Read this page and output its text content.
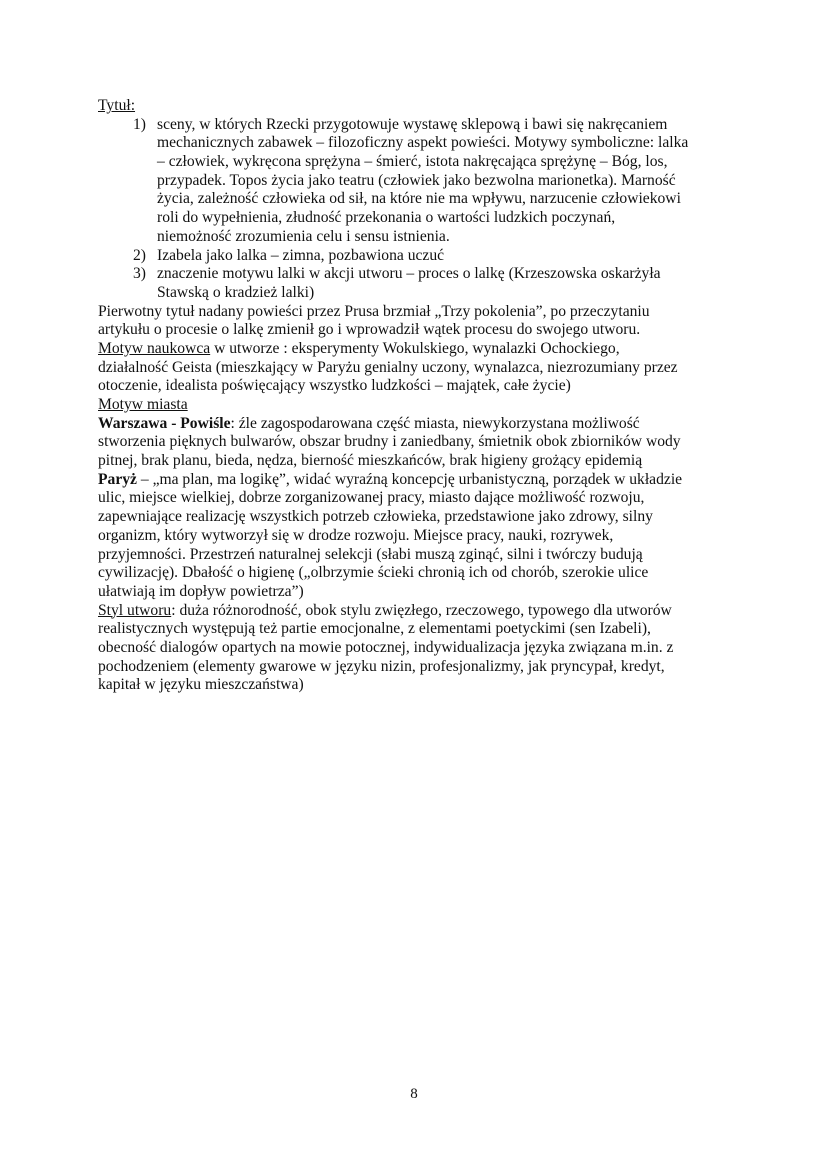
Tytuł:
1) sceny, w których Rzecki przygotowuje wystawę sklepową i bawi się nakręcaniem
mechanicznych zabawek – filozoficzny aspekt powieści. Motywy symboliczne: lalka
– człowiek, wykręcona sprężyna – śmierć, istota nakręcająca sprężynę – Bóg, los,
przypadek. Topos życia jako teatru (człowiek jako bezwolna marionetka). Marność
życia, zależność człowieka od sił, na które nie ma wpływu, narzucenie człowiekowi
roli do wypełnienia, złudność przekonania o wartości ludzkich poczynań,
niemożność zrozumienia celu i sensu istnienia.
2) Izabela jako lalka – zimna, pozbawiona uczuć
3) znaczenie motywu lalki w akcji utworu – proces o lalkę (Krzeszowska oskarżyła
Stawską o kradzież lalki)
Pierwotny tytuł nadany powieści przez Prusa brzmiał „Trzy pokolenia”, po przeczytaniu
artykułu o procesie o lalkę zmienił go i wprowadził wątek procesu do swojego utworu.
Motyw naukowca w utworze : eksperymenty Wokulskiego, wynalazki Ochockiego,
działalność Geista (mieszkający w Paryżu genialny uczony, wynalazca, niezrozumiany przez
otoczenie, idealista poświęcający wszystko ludzkości – majątek, całe życie)
Motyw miasta
Warszawa - Powiśle: źle zagospodarowana część miasta, niewykorzystana możliwość
stworzenia pięknych bulwarów, obszar brudny i zaniedbany, śmietnik obok zbiorników wody
pitnej, brak planu, bieda, nędza, bierność mieszkańców, brak higieny grożący epidemią
Paryż – „ma plan, ma logikę”, widać wyraźną koncepcję urbanistyczną, porządek w układzie
ulic, miejsce wielkiej, dobrze zorganizowanej pracy, miasto dające możliwość rozwoju,
zapewniające realizację wszystkich potrzeb człowieka, przedstawione jako zdrowy, silny
organizm, który wytworzył się w drodze rozwoju. Miejsce pracy, nauki, rozrywek,
przyjemności. Przestrzeń naturalnej selekcji (słabi muszą zginąć, silni i twórczy budują
cywilizację). Dbałość o higienę („olbrzymie ścieki chronią ich od chorób, szerokie ulice
ułatwiają im dopływ powietrza”)
Styl utworu: duża różnorodność, obok stylu zwięzłego, rzeczowego, typowego dla utworów
realistycznych występują też partie emocjonalne, z elementami poetyckimi (sen Izabeli),
obecność dialogów opartych na mowie potocznej, indywidualizacja języka związana m.in. z
pochodzeniem (elementy gwarowe w języku nizin, profesjonalizmy, jak pryncypał, kredyt,
kapitał w języku mieszczaństwa)
8
